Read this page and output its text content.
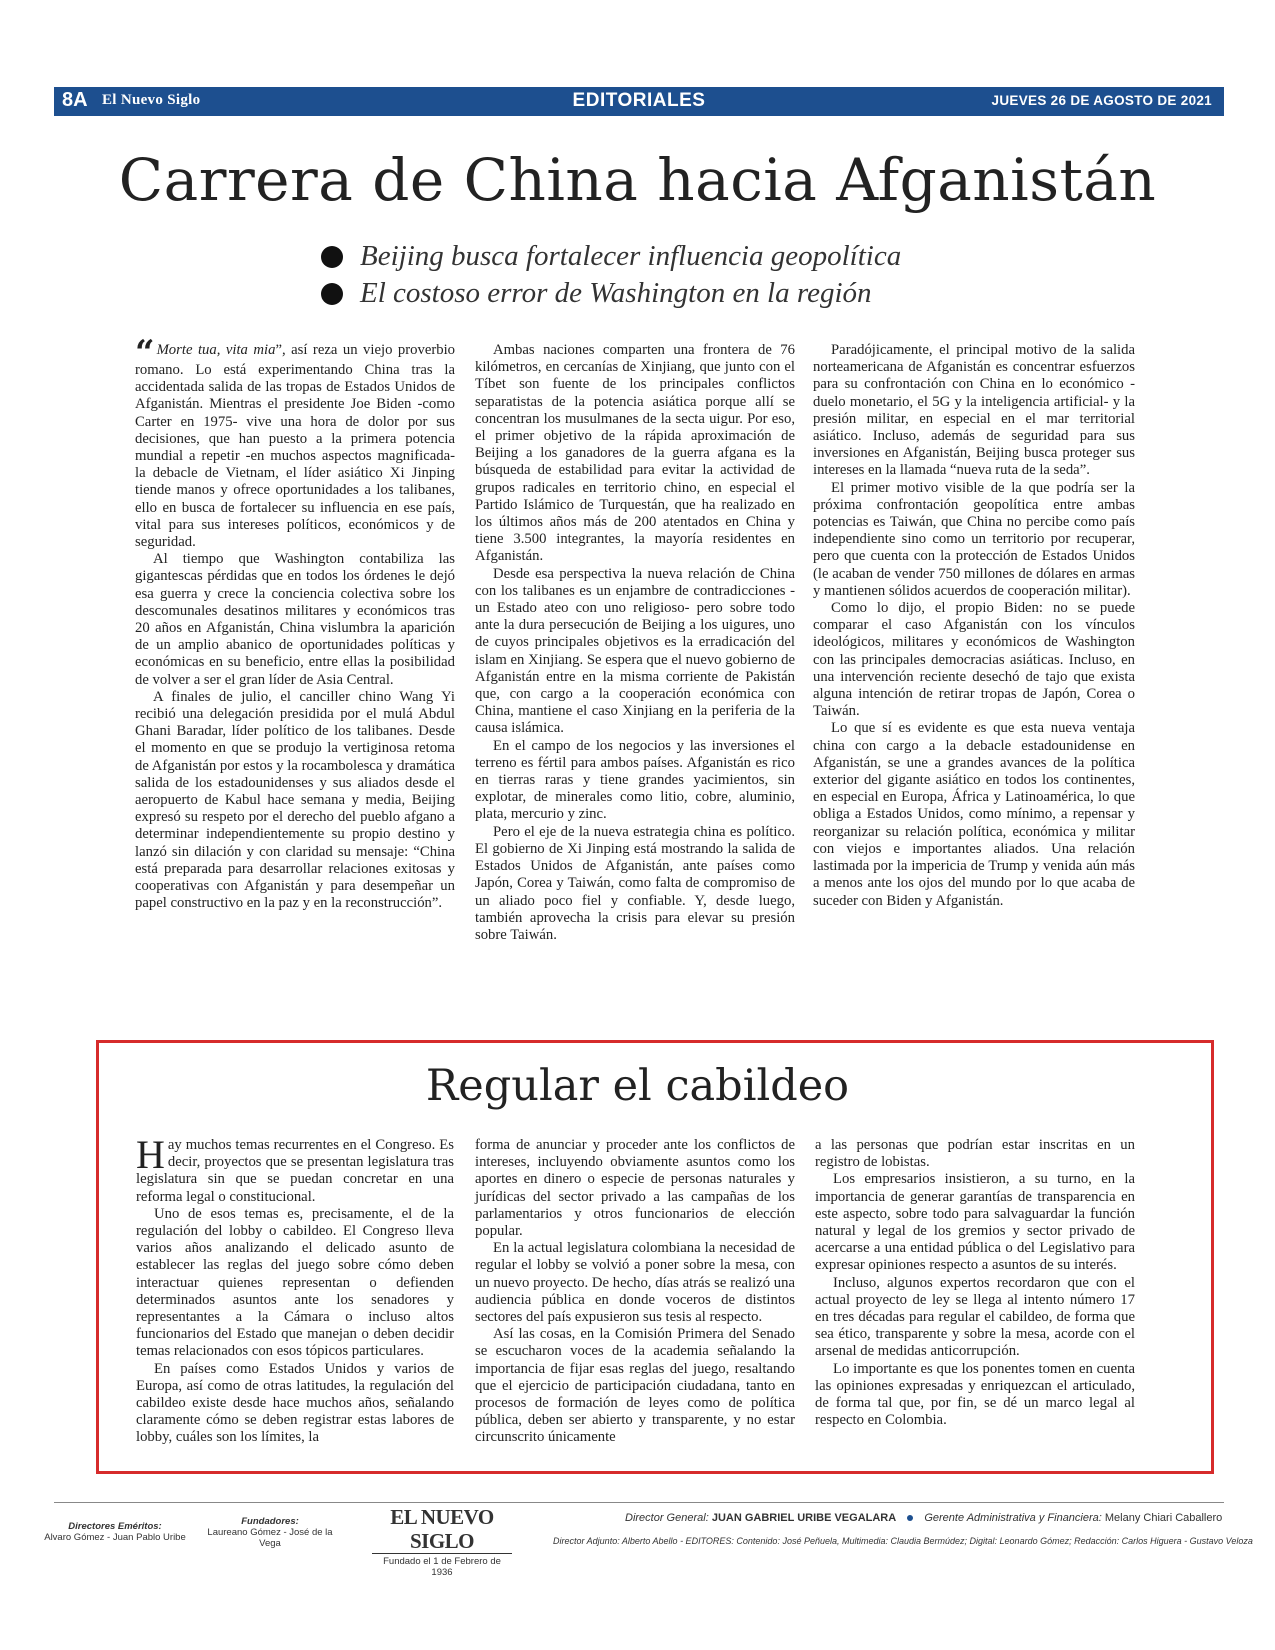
8A El Nuevo Siglo	EDITORIALES	JUEVES 26 DE AGOSTO DE 2021
Carrera de China hacia Afganistán
Beijing busca fortalecer influencia geopolítica
El costoso error de Washington en la región

“ Morte tua, vita mia”, así reza un viejo proverbio romano. Lo está experimentando China tras la accidentada salida de las tropas de Estados Unidos de Afganistán. Mientras el presidente Joe Biden -como Carter en 1975- vive una hora de dolor por sus decisiones, que han puesto a la primera potencia mundial a repetir -en muchos aspectos magnificada- la debacle de Vietnam, el líder asiático Xi Jinping tiende manos y ofrece oportunidades a los talibanes, ello en busca de fortalecer su influencia en ese país, vital para sus intereses políticos, económicos y de seguridad.

Al tiempo que Washington contabiliza las gigantescas pérdidas que en todos los órdenes le dejó esa guerra y crece la conciencia colectiva sobre los descomunales desatinos militares y económicos tras 20 años en Afganistán, China vislumbra la aparición de un amplio abanico de oportunidades políticas y económicas en su beneficio, entre ellas la posibilidad de volver a ser el gran líder de Asia Central.

A finales de julio, el canciller chino Wang Yi recibió una delegación presidida por el mulá Abdul Ghani Baradar, líder político de los talibanes. Desde el momento en que se produjo la vertiginosa retoma de Afganistán por estos y la rocambolesca y dramática salida de los estadounidenses y sus aliados desde el aeropuerto de Kabul hace semana y media, Beijing expresó su respeto por el derecho del pueblo afgano a determinar independientemente su propio destino y lanzó sin dilación y con claridad su mensaje: “China está preparada para desarrollar relaciones exitosas y cooperativas con Afganistán y para desempeñar un papel constructivo en la paz y en la reconstrucción”.

Ambas naciones comparten una frontera de 76 kilómetros, en cercanías de Xinjiang, que junto con el Tíbet son fuente de los principales conflictos separatistas de la potencia asiática porque allí se concentran los musulmanes de la secta uigur. Por eso, el primer objetivo de la rápida aproximación de Beijing a los ganadores de la guerra afgana es la búsqueda de estabilidad para evitar la actividad de grupos radicales en territorio chino, en especial el Partido Islámico de Turquestán, que ha realizado en los últimos años más de 200 atentados en China y tiene 3.500 integrantes, la mayoría residentes en Afganistán.

Desde esa perspectiva la nueva relación de China con los talibanes es un enjambre de contradicciones -un Estado ateo con uno religioso- pero sobre todo ante la dura persecución de Beijing a los uigures, uno de cuyos principales objetivos es la erradicación del islam en Xinjiang. Se espera que el nuevo gobierno de Afganistán entre en la misma corriente de Pakistán que, con cargo a la cooperación económica con China, mantiene el caso Xinjiang en la periferia de la causa islámica.

En el campo de los negocios y las inversiones el terreno es fértil para ambos países. Afganistán es rico en tierras raras y tiene grandes yacimientos, sin explotar, de minerales como litio, cobre, aluminio, plata, mercurio y zinc.

Pero el eje de la nueva estrategia china es político. El gobierno de Xi Jinping está mostrando la salida de Estados Unidos de Afganistán, ante países como Japón, Corea y Taiwán, como falta de compromiso de un aliado poco fiel y confiable. Y, desde luego, también aprovecha la crisis para elevar su presión sobre Taiwán.

Paradójicamente, el principal motivo de la salida norteamericana de Afganistán es concentrar esfuerzos para su confrontación con China en lo económico -duelo monetario, el 5G y la inteligencia artificial- y la presión militar, en especial en el mar territorial asiático. Incluso, además de seguridad para sus inversiones en Afganistán, Beijing busca proteger sus intereses en la llamada “nueva ruta de la seda”.

El primer motivo visible de la que podría ser la próxima confrontación geopolítica entre ambas potencias es Taiwán, que China no percibe como país independiente sino como un territorio por recuperar, pero que cuenta con la protección de Estados Unidos (le acaban de vender 750 millones de dólares en armas y mantienen sólidos acuerdos de cooperación militar).

Como lo dijo, el propio Biden: no se puede comparar el caso Afganistán con los vínculos ideológicos, militares y económicos de Washington con las principales democracias asiáticas. Incluso, en una intervención reciente desechó de tajo que exista alguna intención de retirar tropas de Japón, Corea o Taiwán.

Lo que sí es evidente es que esta nueva ventaja china con cargo a la debacle estadounidense en Afganistán, se une a grandes avances de la política exterior del gigante asiático en todos los continentes, en especial en Europa, África y Latinoamérica, lo que obliga a Estados Unidos, como mínimo, a repensar y reorganizar su relación política, económica y militar con viejos e importantes aliados. Una relación lastimada por la impericia de Trump y venida aún más a menos ante los ojos del mundo por lo que acaba de suceder con Biden y Afganistán.

Regular el cabildeo

Hay muchos temas recurrentes en el Congreso. Es decir, proyectos que se presentan legislatura tras legislatura sin que se puedan concretar en una reforma legal o constitucional.

Uno de esos temas es, precisamente, el de la regulación del lobby o cabildeo. El Congreso lleva varios años analizando el delicado asunto de establecer las reglas del juego sobre cómo deben interactuar quienes representan o defienden determinados asuntos ante los senadores y representantes a la Cámara o incluso altos funcionarios del Estado que manejan o deben decidir temas relacionados con esos tópicos particulares.

En países como Estados Unidos y varios de Europa, así como de otras latitudes, la regulación del cabildeo existe desde hace muchos años, señalando claramente cómo se deben registrar estas labores de lobby, cuáles son los límites, la

forma de anunciar y proceder ante los conflictos de intereses, incluyendo obviamente asuntos como los aportes en dinero o especie de personas naturales y jurídicas del sector privado a las campañas de los parlamentarios y otros funcionarios de elección popular.

En la actual legislatura colombiana la necesidad de regular el lobby se volvió a poner sobre la mesa, con un nuevo proyecto. De hecho, días atrás se realizó una audiencia pública en donde voceros de distintos sectores del país expusieron sus tesis al respecto.

Así las cosas, en la Comisión Primera del Senado se escucharon voces de la academia señalando la importancia de fijar esas reglas del juego, resaltando que el ejercicio de participación ciudadana, tanto en procesos de formación de leyes como de política pública, deben ser abierto y transparente, y no estar circunscrito únicamente

a las personas que podrían estar inscritas en un registro de lobistas.

Los empresarios insistieron, a su turno, en la importancia de generar garantías de transparencia en este aspecto, sobre todo para salvaguardar la función natural y legal de los gremios y sector privado de acercarse a una entidad pública o del Legislativo para expresar opiniones respecto a asuntos de su interés.

Incluso, algunos expertos recordaron que con el actual proyecto de ley se llega al intento número 17 en tres décadas para regular el cabildeo, de forma que sea ético, transparente y sobre la mesa, acorde con el arsenal de medidas anticorrupción.

Lo importante es que los ponentes tomen en cuenta las opiniones expresadas y enriquezcan el articulado, de forma tal que, por fin, se dé un marco legal al respecto en Colombia.

Directores Eméritos:
Alvaro Gómez - Juan Pablo Uribe
Fundadores:
Laureano Gómez - José de la Vega
EL NUEVO SIGLO
Fundado el 1 de Febrero de 1936
Director General: JUAN GABRIEL URIBE VEGALARA	Gerente Administrativa y Financiera: Melany Chiari Caballero
Director Adjunto: Alberto Abello - EDITORES: Contenido: José Peñuela, Multimedia: Claudia Bermúdez; Digital: Leonardo Gómez; Redacción: Carlos Higuera - Gustavo Veloza
